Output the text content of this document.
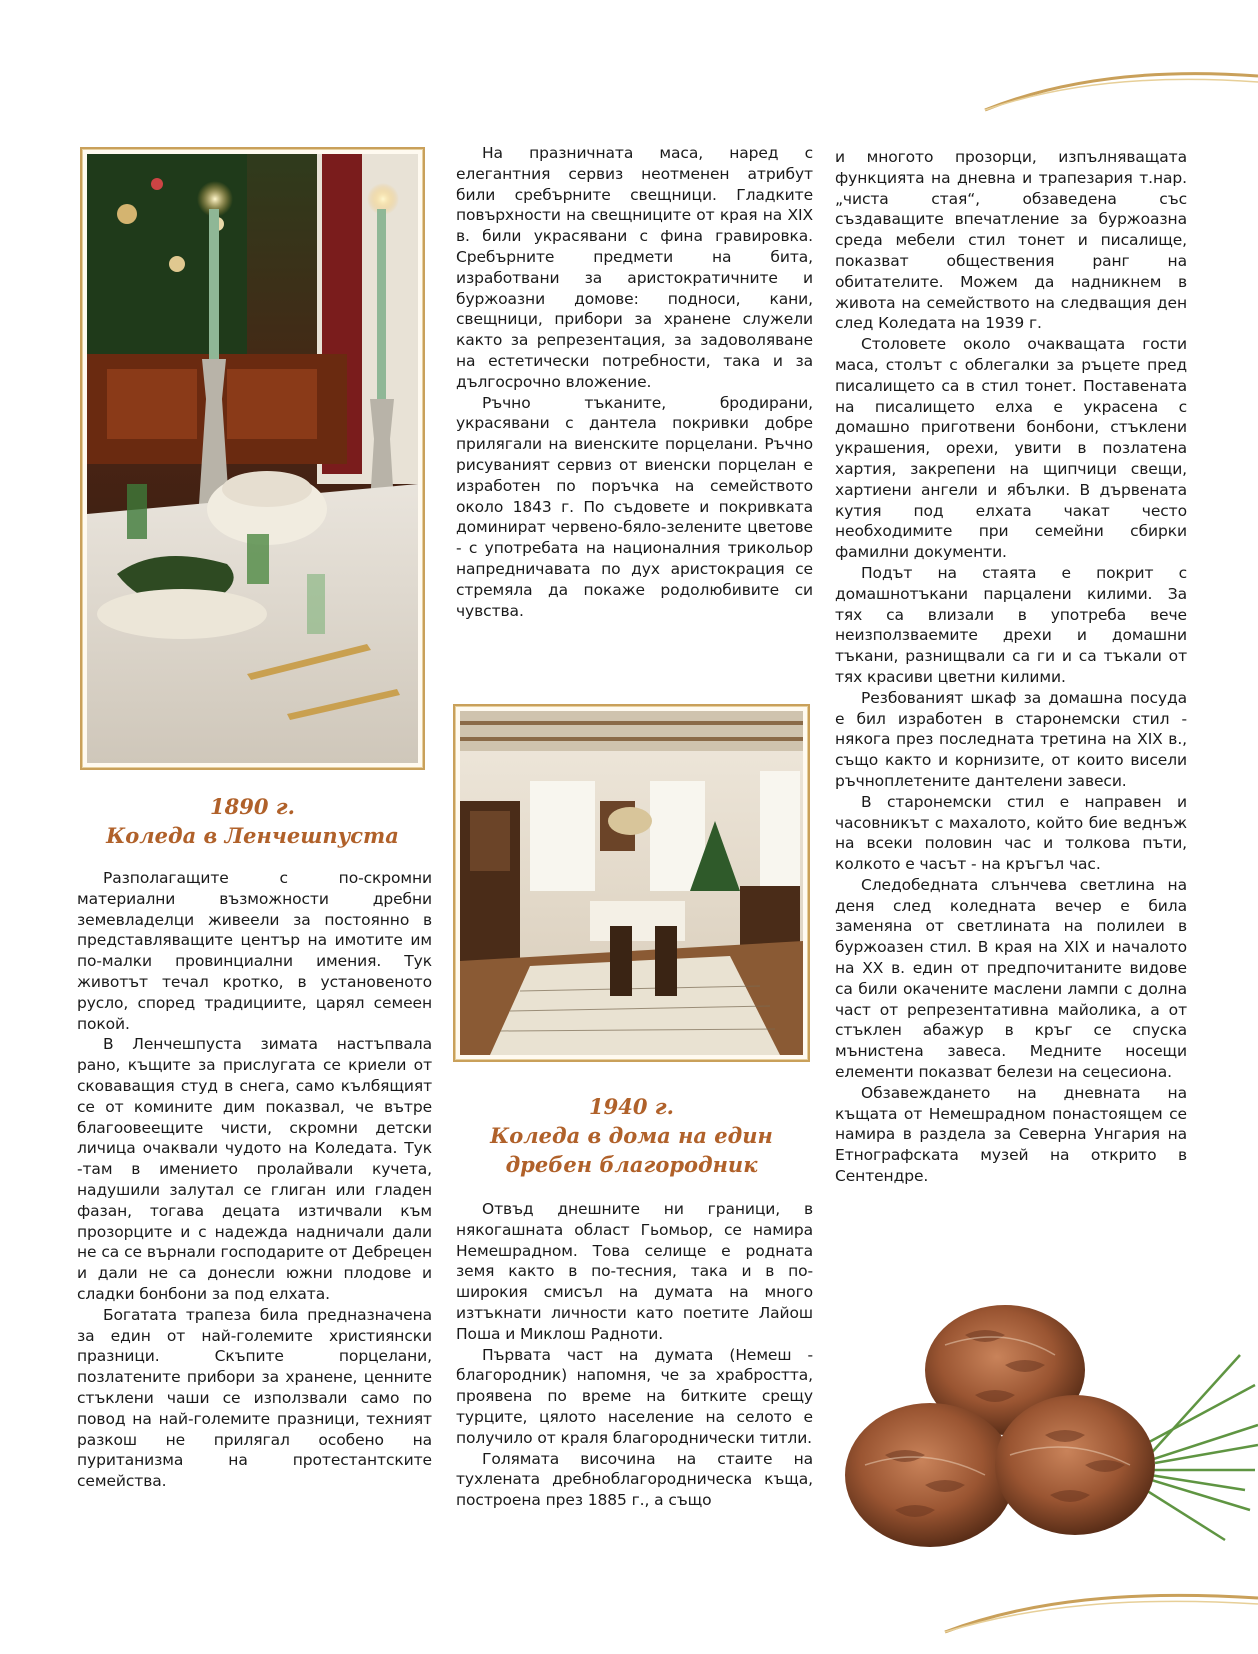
1890 г.
Коледа в Ленчешпуста

Разполагащите с по-скромни материални възможности дребни земевладелци живеели за постоянно в представляващите център на имотите им по-малки провинциални имения. Тук животът течал кротко, в установеното русло, според традициите, царял семеен покой.

В Ленчешпуста зимата настъпвала рано, къщите за прислугата се криели от сковаващия студ в снега, само кълбящият се от комините дим показвал, че вътре благоовеещите чисти, скромни детски личица очаквали чудото на Коледата. Тук -там в имението пролайвали кучета, надушили залутал се глиган или гладен фазан, тогава децата изтичвали към прозорците и с надежда надничали дали не са се върнали господарите от Дебрецен и дали не са донесли южни плодове и сладки бонбони за под елхата.

Богатата трапеза била предназначена за един от най-големите християнски празници. Скъпите порцелани, позлатените прибори за хранене, ценните стъклени чаши се използвали само по повод на най-големите празници, техният разкош не прилягал особено на пуританизма на протестантските семейства.

На празничната маса, наред с елегантния сервиз неотменен атрибут били сребърните свещници. Гладките повърхности на свещниците от края на XIX в. били украсявани с фина гравировка. Сребърните предмети на бита, изработвани за аристократичните и буржоазни домове: подноси, кани, свещници, прибори за хранене служели както за репрезентация, за задоволяване на естетически потребности, така и за дългосрочно вложение.

Ръчно тъканите, бродирани, украсявани с дантела покривки добре прилягали на виенските порцелани. Ръчно рисуваният сервиз от виенски порцелан е изработен по поръчка на семейството около 1843 г. По съдовете и покривката доминират червено-бяло-зелените цветове - с употребата на националния трикольор напредничавата по дух аристокрация се стремяла да покаже родолюбивите си чувства.

1940 г.
Коледа в дома на един
дребен благородник

Отвъд днешните ни граници, в някогашната област Гьомьор, се намира Немешрадном. Това селище е родната земя както в по-тесния, така и в по-широкия смисъл на думата на много изтъкнати личности като поетите Лайош Поша и Миклош Радноти.

Първата част на думата (Немеш - благородник) напомня, че за храбростта, проявена по време на битките срещу турците, цялото население на селото е получило от краля благороднически титли.

Голямата височина на стаите на тухлената дребноблагородническа къща, построена през 1885 г., а също

и многото прозорци, изпълняващата функцията на дневна и трапезария т.нар. „чиста стая“, обзаведена със създаващите впечатление за буржоазна среда мебели стил тонет и писалище, показват обществения ранг на обитателите. Можем да надникнем в живота на семейството на следващия ден след Коледата на 1939 г.

Столовете около очакващата гости маса, столът с облегалки за ръцете пред писалището са в стил тонет. Поставената на писалището елха е украсена с домашно приготвени бонбони, стъклени украшения, орехи, увити в позлатена хартия, закрепени на щипчици свещи, хартиени ангели и ябълки. В дървената кутия под елхата чакат често необходимите при семейни сбирки фамилни документи.

Подът на стаята е покрит с домашнотъкани парцалени килими. За тях са влизали в употреба вече неизползваемите дрехи и домашни тъкани, разнищвали са ги и са тъкали от тях красиви цветни килими.

Резбованият шкаф за домашна посуда е бил изработен в старонемски стил - някога през последната третина на XIX в., също както и корнизите, от които висели ръчноплетените дантелени завеси.

В старонемски стил е направен и часовникът с махалото, който бие веднъж на всеки половин час и толкова пъти, колкото е часът - на кръгъл час.

Следобедната слънчева светлина на деня след коледната вечер е била заменяна от светлината на полилеи в буржоазен стил. В края на XIX и началото на XX в. един от предпочитаните видове са били окачените маслени лампи с долна част от репрезентативна майолика, а от стъклен абажур в кръг се спуска мънистена завеса. Медните носещи елементи показват белези на сецесиона.

Обзавеждането на дневната на къщата от Немешрадном понастоящем се намира в раздела за Северна Унгария на Етнографската музей на открито в Сентендре.
